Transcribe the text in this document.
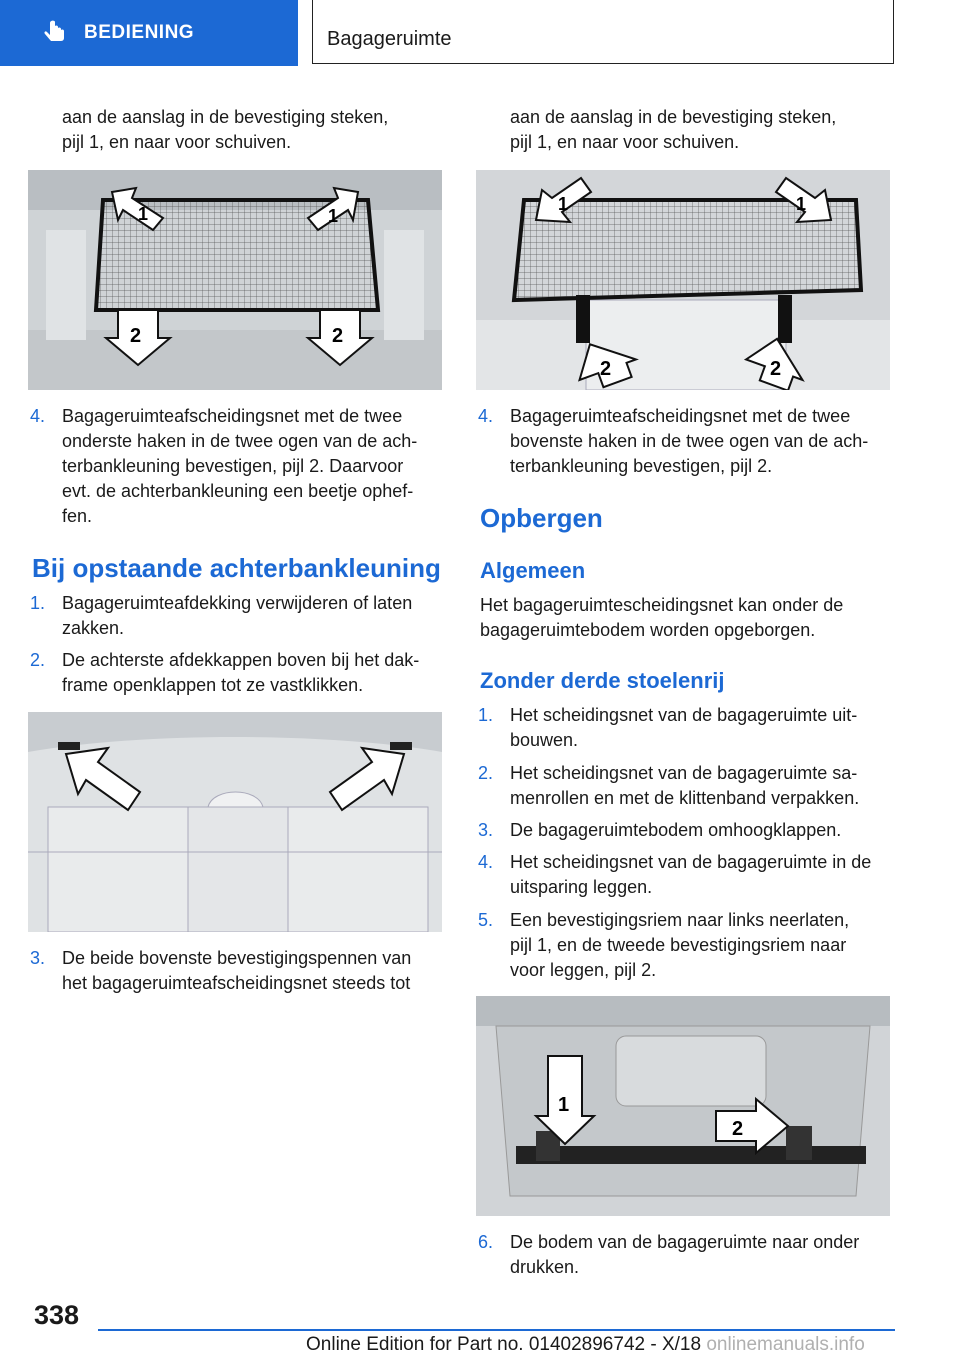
BEDIENING	Bagageruimte

aan de aanslag in de bevestiging steken,

pijl 1, en naar voor schuiven.

1	1
2	2
4. Bagageruimteafscheidingsnet met de twee
onderste haken in de twee ogen van de ach‐
terbankleuning bevestigen, pijl 2. Daarvoor
evt. de achterbankleuning een beetje ophef‐
fen.
Bij opstaande achterbankleuning
1. Bagageruimteafdekking verwijderen of laten
zakken.
2. De achterste afdekkappen boven bij het dak‐
frame openklappen tot ze vastklikken.
3. De beide bovenste bevestigingspennen van
het bagageruimteafscheidingsnet steeds tot

aan de aanslag in de bevestiging steken,

pijl 1, en naar voor schuiven.

1	1
2	2
4. Bagageruimteafscheidingsnet met de twee
bovenste haken in de twee ogen van de ach‐
terbankleuning bevestigen, pijl 2.
Opbergen
Algemeen

Het bagageruimtescheidingsnet kan onder de

bagageruimtebodem worden opgeborgen.

Zonder derde stoelenrij
1. Het scheidingsnet van de bagageruimte uit‐
bouwen.
2. Het scheidingsnet van de bagageruimte sa‐
menrollen en met de klittenband verpakken.
3. De bagageruimtebodem omhoogklappen.
4. Het scheidingsnet van de bagageruimte in de
uitsparing leggen.
5. Een bevestigingsriem naar links neerlaten,
pijl 1, en de tweede bevestigingsriem naar
voor leggen, pijl 2.
1
2
6. De bodem van de bagageruimte naar onder
drukken.
338
Online Edition for Part no. 01402896742 - X/18 onlinemanuals.info
